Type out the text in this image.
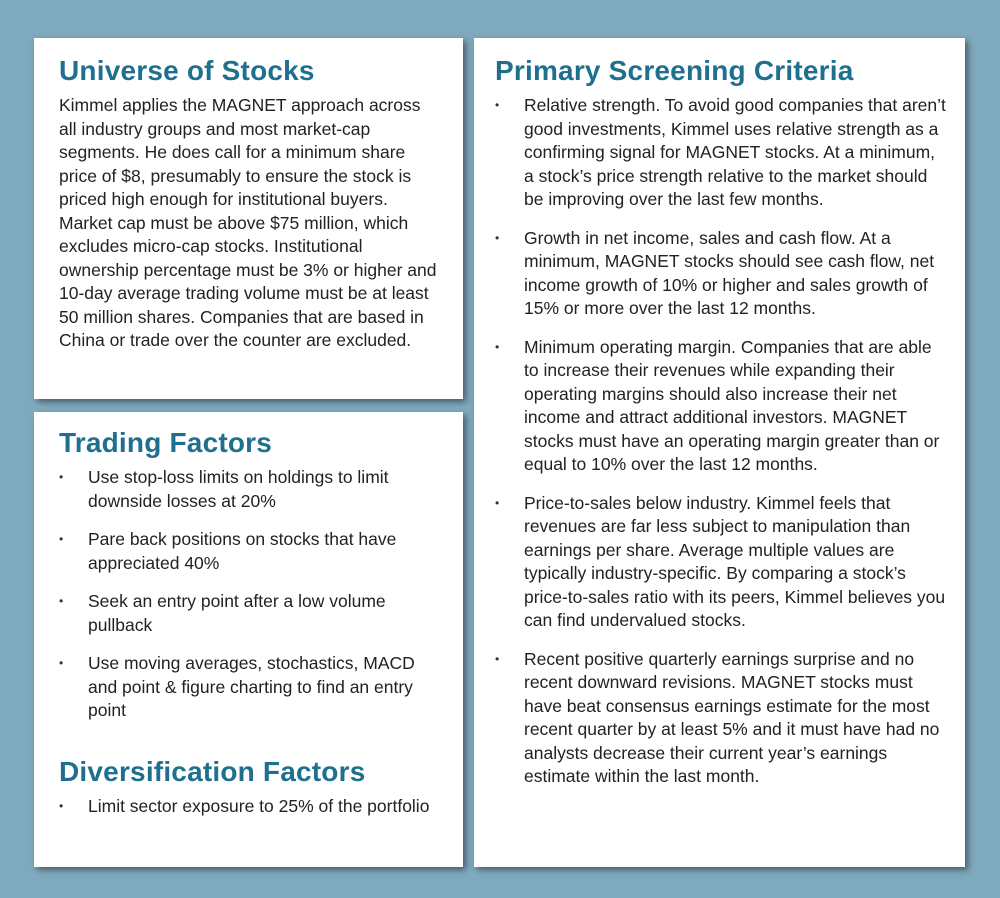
Universe of Stocks

Kimmel applies the MAGNET approach across all industry groups and most market-cap segments. He does call for a minimum share price of $8, presumably to ensure the stock is priced high enough for institutional buyers. Market cap must be above $75 million, which excludes micro-cap stocks. Institutional ownership percentage must be 3% or higher and 10-day average trading volume must be at least 50 million shares. Companies that are based in China or trade over the counter are excluded.

Trading Factors
• Use stop-loss limits on holdings to limit downside losses at 20%
• Pare back positions on stocks that have appreciated 40%
• Seek an entry point after a low volume pullback
• Use moving averages, stochastics, MACD and point & figure charting to find an entry point
Diversification Factors
• Limit sector exposure to 25% of the portfolio
Primary Screening Criteria
• Relative strength. To avoid good companies that aren’t good investments, Kimmel uses relative strength as a confirming signal for MAGNET stocks. At a minimum, a stock’s price strength relative to the market should be improving over the last few months.
• Growth in net income, sales and cash flow. At a minimum, MAGNET stocks should see cash flow, net income growth of 10% or higher and sales growth of 15% or more over the last 12 months.
• Minimum operating margin. Companies that are able to increase their revenues while expanding their operating margins should also increase their net income and attract additional investors. MAGNET stocks must have an operating margin greater than or equal to 10% over the last 12 months.
• Price-to-sales below industry. Kimmel feels that revenues are far less subject to manipulation than earnings per share. Average multiple values are typically industry-specific. By comparing a stock’s price-to-sales ratio with its peers, Kimmel believes you can find undervalued stocks.
• Recent positive quarterly earnings surprise and no recent downward revisions. MAGNET stocks must have beat consensus earnings estimate for the most recent quarter by at least 5% and it must have had no analysts decrease their current year’s earnings estimate within the last month.
